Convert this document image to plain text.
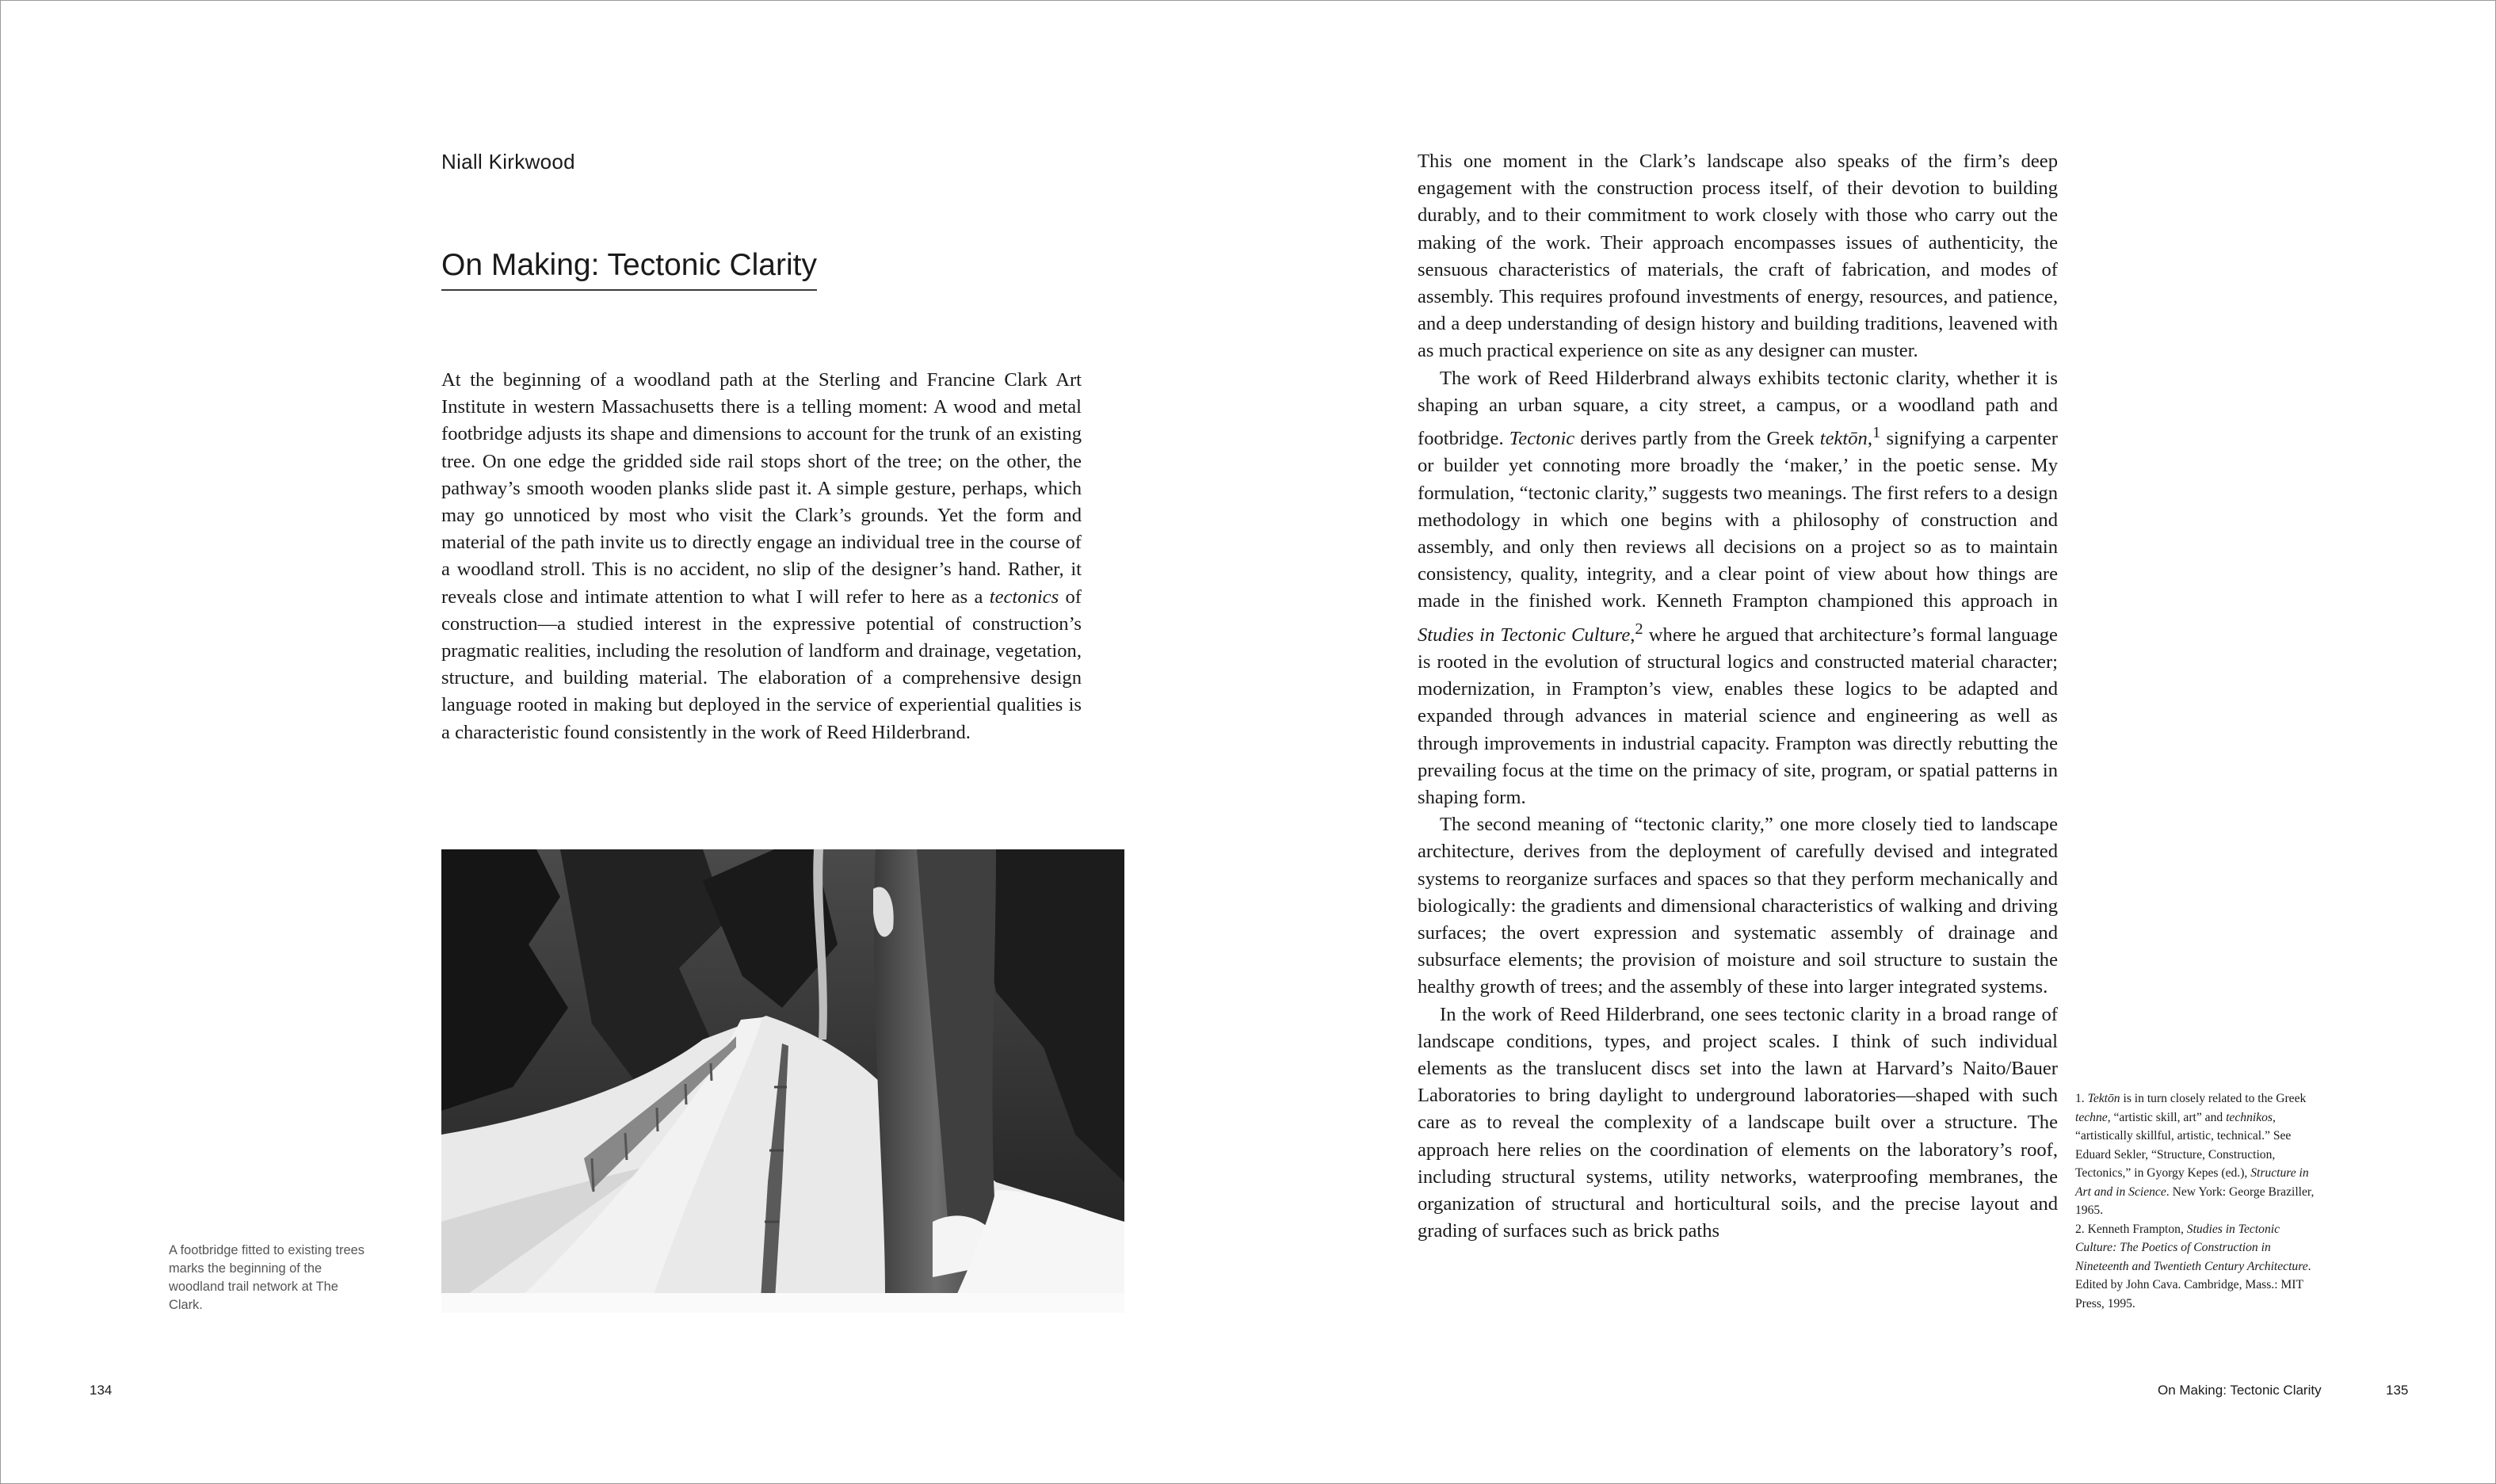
Niall Kirkwood
On Making: Tectonic Clarity

At the beginning of a woodland path at the Sterling and Francine Clark Art Institute in western Massachusetts there is a telling moment: A wood and metal footbridge adjusts its shape and dimensions to account for the trunk of an existing tree. On one edge the gridded side rail stops short of the tree; on the other, the pathway’s smooth wooden planks slide past it. A simple gesture, perhaps, which may go unnoticed by most who visit the Clark’s grounds. Yet the form and material of the path invite us to directly engage an individual tree in the course of a woodland stroll. This is no accident, no slip of the designer’s hand. Rather, it reveals close and intimate attention to what I will refer to here as a tectonics of construction—a studied interest in the expressive potential of construction’s pragmatic realities, including the resolution of landform and drainage, vegetation, structure, and building material. The elaboration of a comprehensive design language rooted in making but deployed in the service of experiential qualities is a characteristic found consistently in the work of Reed Hilderbrand.

A footbridge fitted to existing trees marks the beginning of the woodland trail network at The Clark.
134

This one moment in the Clark’s landscape also speaks of the firm’s deep engagement with the construction process itself, of their devotion to building durably, and to their commitment to work closely with those who carry out the making of the work. Their approach encompasses issues of authenticity, the sensuous characteristics of materials, the craft of fabrication, and modes of assembly. This requires profound investments of energy, resources, and patience, and a deep understanding of design history and building traditions, leavened with as much practical experience on site as any designer can muster.

The work of Reed Hilderbrand always exhibits tectonic clarity, whether it is shaping an urban square, a city street, a campus, or a woodland path and footbridge. Tectonic derives partly from the Greek tektōn,$^1$ signifying a carpenter or builder yet connoting more broadly the ‘maker,’ in the poetic sense. My formulation, “tectonic clarity,” suggests two meanings. The first refers to a design methodology in which one begins with a philosophy of construction and assembly, and only then reviews all decisions on a project so as to maintain consistency, quality, integrity, and a clear point of view about how things are made in the finished work. Kenneth Frampton championed this approach in Studies in Tectonic Culture,$^2$ where he argued that architecture’s formal language is rooted in the evolution of structural logics and constructed material character; modernization, in Frampton’s view, enables these logics to be adapted and expanded through advances in material science and engineering as well as through improvements in industrial capacity. Frampton was directly rebutting the prevailing focus at the time on the primacy of site, program, or spatial patterns in shaping form.

The second meaning of “tectonic clarity,” one more closely tied to landscape architecture, derives from the deployment of carefully devised and integrated systems to reorganize surfaces and spaces so that they perform mechanically and biologically: the gradients and dimensional characteristics of walking and driving surfaces; the overt expression and systematic assembly of drainage and subsurface elements; the provision of moisture and soil structure to sustain the healthy growth of trees; and the assembly of these into larger integrated systems.

In the work of Reed Hilderbrand, one sees tectonic clarity in a broad range of landscape conditions, types, and project scales. I think of such individual elements as the translucent discs set into the lawn at Harvard’s Naito/Bauer Laboratories to bring daylight to underground laboratories—shaped with such care as to reveal the complexity of a landscape built over a structure. The approach here relies on the coordination of elements on the laboratory’s roof, including structural systems, utility networks, waterproofing membranes, the organization of structural and horticultural soils, and the precise layout and grading of surfaces such as brick paths

1. Tektōn is in turn closely related to the Greek techne, “artistic skill, art” and technikos, “artistically skillful, artistic, technical.” See Eduard Sekler, “Structure, Construction, Tectonics,” in Gyorgy Kepes (ed.), Structure in Art and in Science. New York: George Braziller, 1965.

2. Kenneth Frampton, Studies in Tectonic Culture: The Poetics of Construction in Nineteenth and Twentieth Century Architecture. Edited by John Cava. Cambridge, Mass.: MIT Press, 1995.

On Making: Tectonic Clarity	135
